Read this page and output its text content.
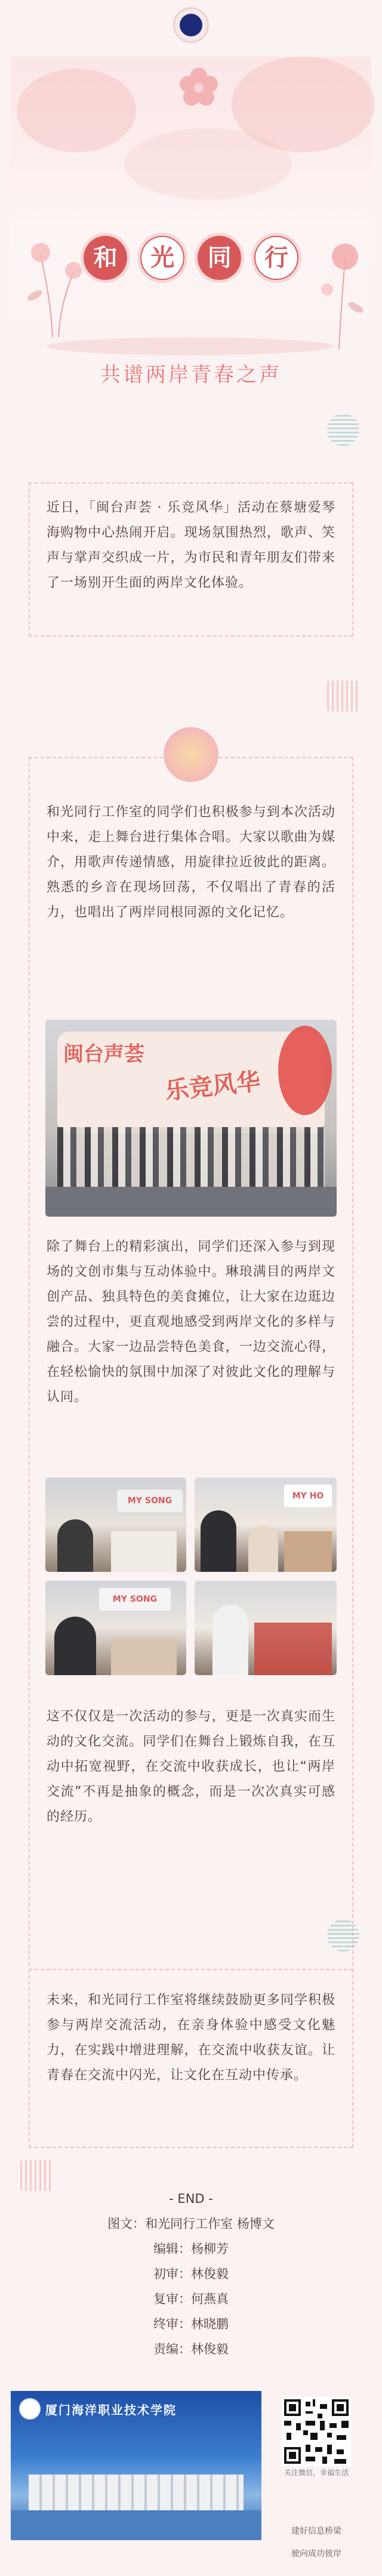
和	光	同	行
共谱两岸青春之声
近日，「闽台声荟 · 乐竞风华」活动在蔡塘爱琴海购物中心热闹开启。现场氛围热烈，歌声、笑声与掌声交织成一片，为市民和青年朋友们带来了一场别开生面的两岸文化体验。
和光同行工作室的同学们也积极参与到本次活动中来，走上舞台进行集体合唱。大家以歌曲为媒介，用歌声传递情感，用旋律拉近彼此的距离。熟悉的乡音在现场回荡，不仅唱出了青春的活力，也唱出了两岸同根同源的文化记忆。
闽台声荟
乐竞风华
除了舞台上的精彩演出，同学们还深入参与到现场的文创市集与互动体验中。琳琅满目的两岸文创产品、独具特色的美食摊位，让大家在边逛边尝的过程中，更直观地感受到两岸文化的多样与融合。大家一边品尝特色美食，一边交流心得，在轻松愉快的氛围中加深了对彼此文化的理解与认同。
MY SONG	MY HO
MY SONG
这不仅仅是一次活动的参与，更是一次真实而生动的文化交流。同学们在舞台上锻炼自我，在互动中拓宽视野，在交流中收获成长，也让“两岸交流”不再是抽象的概念，而是一次次真实可感的经历。
未来，和光同行工作室将继续鼓励更多同学积极参与两岸交流活动，在亲身体验中感受文化魅力，在实践中增进理解，在交流中收获友谊。让青春在交流中闪光，让文化在互动中传承。
- END -
图文：和光同行工作室 杨博文
编辑：杨柳芳
初审：林俊毅
复审：何燕真
终审：林晓鹏
责编：林俊毅
厦门海洋职业技术学院
关注微信，幸福生活
建好信息桥梁
驶向成功彼岸
